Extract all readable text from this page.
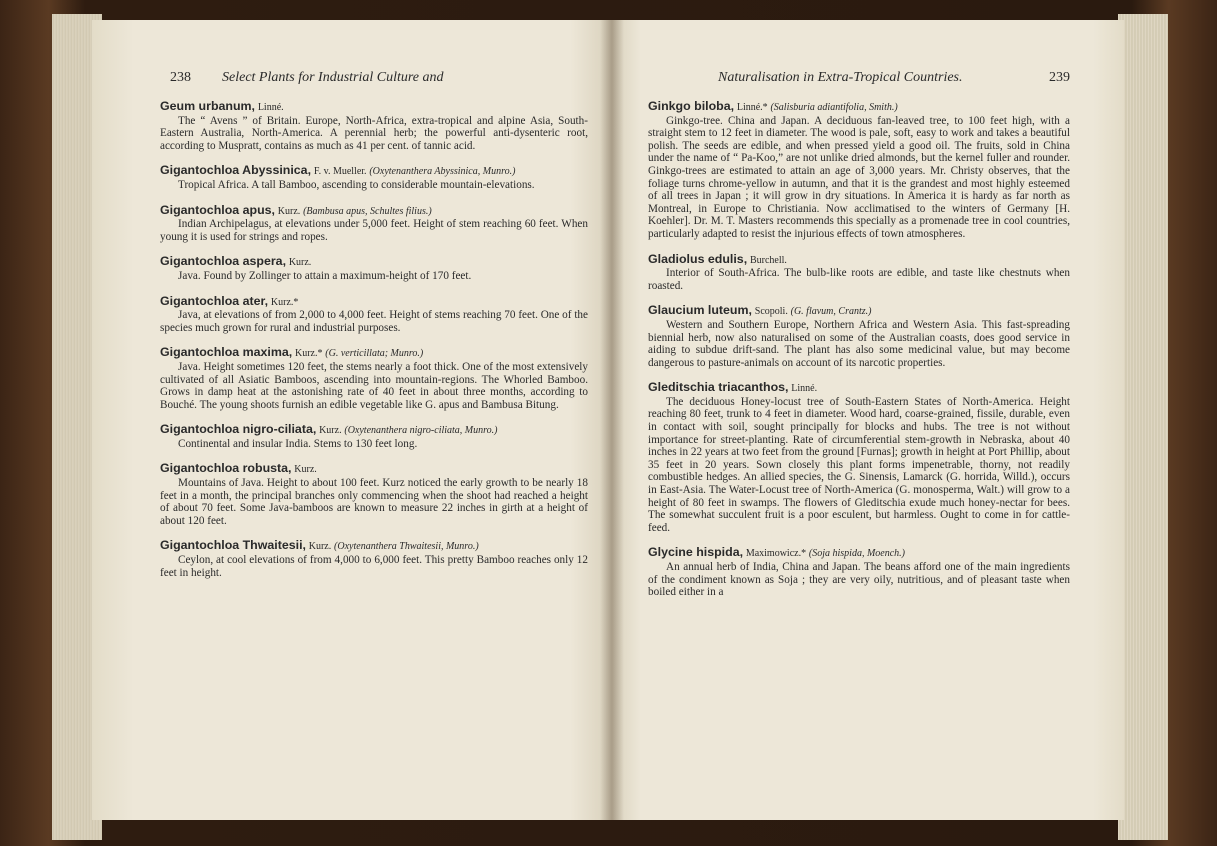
238 Select Plants for Industrial Culture and	Naturalisation in Extra-Tropical Countries.	239
Geum urbanum, Linné.
The “ Avens ” of Britain. Europe, North-Africa, extra-tropical and alpine Asia, South-Eastern Australia, North-America. A perennial herb; the powerful anti-dysenteric root, according to Muspratt, contains as much as 41 per cent. of tannic acid.
Gigantochloa Abyssinica, F. v. Mueller. (Oxytenanthera Abyssinica, Munro.)
Tropical Africa. A tall Bamboo, ascending to considerable mountain-elevations.
Gigantochloa apus, Kurz. (Bambusa apus, Schultes filius.)
Indian Archipelagus, at elevations under 5,000 feet. Height of stem reaching 60 feet. When young it is used for strings and ropes.
Gigantochloa aspera, Kurz.
Java. Found by Zollinger to attain a maximum-height of 170 feet.
Gigantochloa ater, Kurz.*
Java, at elevations of from 2,000 to 4,000 feet. Height of stems reaching 70 feet. One of the species much grown for rural and industrial purposes.
Gigantochloa maxima, Kurz.* (G. verticillata; Munro.)
Java. Height sometimes 120 feet, the stems nearly a foot thick. One of the most extensively cultivated of all Asiatic Bamboos, ascending into mountain-regions. The Whorled Bamboo. Grows in damp heat at the astonishing rate of 40 feet in about three months, according to Bouché. The young shoots furnish an edible vegetable like G. apus and Bambusa Bitung.
Gigantochloa nigro-ciliata, Kurz. (Oxytenanthera nigro-ciliata, Munro.)
Continental and insular India. Stems to 130 feet long.
Gigantochloa robusta, Kurz.
Mountains of Java. Height to about 100 feet. Kurz noticed the early growth to be nearly 18 feet in a month, the principal branches only commencing when the shoot had reached a height of about 70 feet. Some Java-bamboos are known to measure 22 inches in girth at a height of about 120 feet.
Gigantochloa Thwaitesii, Kurz. (Oxytenanthera Thwaitesii, Munro.)
Ceylon, at cool elevations of from 4,000 to 6,000 feet. This pretty Bamboo reaches only 12 feet in height.
Ginkgo biloba, Linné.* (Salisburia adiantifolia, Smith.)
Ginkgo-tree. China and Japan. A deciduous fan-leaved tree, to 100 feet high, with a straight stem to 12 feet in diameter. The wood is pale, soft, easy to work and takes a beautiful polish. The seeds are edible, and when pressed yield a good oil. The fruits, sold in China under the name of “ Pa-Koo,” are not unlike dried almonds, but the kernel fuller and rounder. Ginkgo-trees are estimated to attain an age of 3,000 years. Mr. Christy observes, that the foliage turns chrome-yellow in autumn, and that it is the grandest and most highly esteemed of all trees in Japan ; it will grow in dry situations. In America it is hardy as far north as Montreal, in Europe to Christiania. Now acclimatised to the winters of Germany [H. Koehler]. Dr. M. T. Masters recommends this specially as a promenade tree in cool countries, particularly adapted to resist the injurious effects of town atmospheres.
Gladiolus edulis, Burchell.
Interior of South-Africa. The bulb-like roots are edible, and taste like chestnuts when roasted.
Glaucium luteum, Scopoli. (G. flavum, Crantz.)
Western and Southern Europe, Northern Africa and Western Asia. This fast-spreading biennial herb, now also naturalised on some of the Australian coasts, does good service in aiding to subdue drift-sand. The plant has also some medicinal value, but may become dangerous to pasture-animals on account of its narcotic properties.
Gleditschia triacanthos, Linné.
The deciduous Honey-locust tree of South-Eastern States of North-America. Height reaching 80 feet, trunk to 4 feet in diameter. Wood hard, coarse-grained, fissile, durable, even in contact with soil, sought principally for blocks and hubs. The tree is not without importance for street-planting. Rate of circumferential stem-growth in Nebraska, about 40 inches in 22 years at two feet from the ground [Furnas]; growth in height at Port Phillip, about 35 feet in 20 years. Sown closely this plant forms impenetrable, thorny, not readily combustible hedges. An allied species, the G. Sinensis, Lamarck (G. horrida, Willd.), occurs in East-Asia. The Water-Locust tree of North-America (G. monosperma, Walt.) will grow to a height of 80 feet in swamps. The flowers of Gleditschia exude much honey-nectar for bees. The somewhat succulent fruit is a poor esculent, but harmless. Ought to come in for cattle-feed.
Glycine hispida, Maximowicz.* (Soja hispida, Moench.)
An annual herb of India, China and Japan. The beans afford one of the main ingredients of the condiment known as Soja ; they are very oily, nutritious, and of pleasant taste when boiled either in a
